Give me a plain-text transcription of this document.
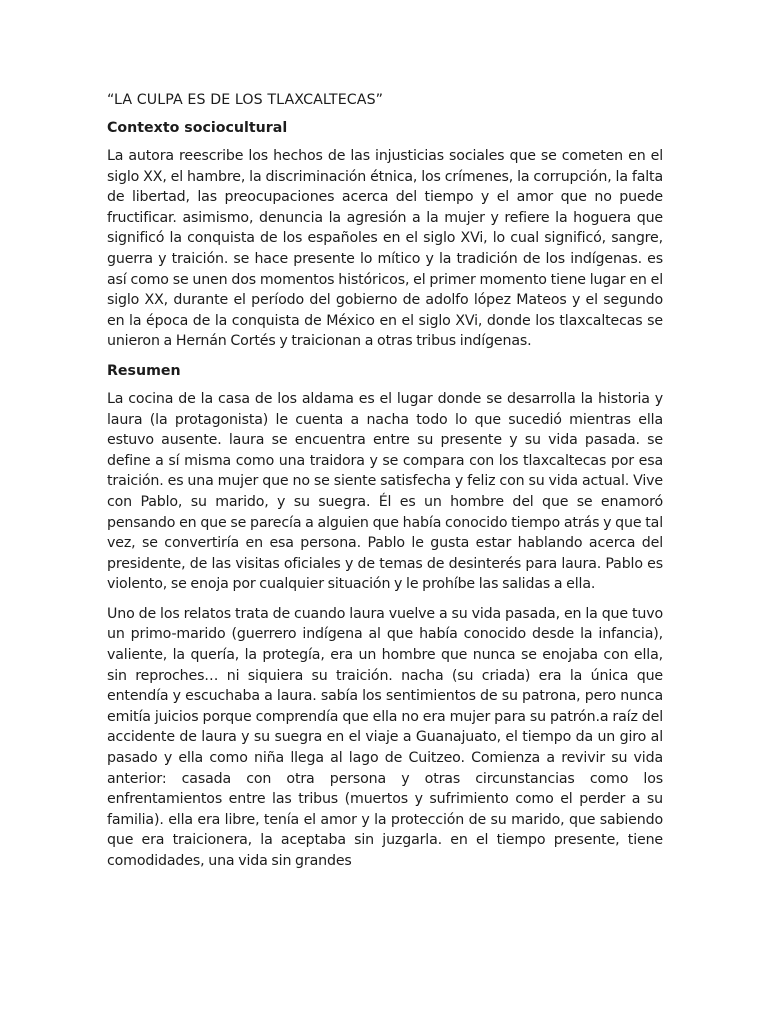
“LA CULPA ES DE LOS TLAXCALTECAS”

Contexto sociocultural

La autora reescribe los hechos de las injusticias sociales que se cometen en el siglo XX, el hambre, la discriminación étnica, los crímenes, la corrupción, la falta de libertad, las preocupaciones acerca del tiempo y el amor que no puede fructificar. asimismo, denuncia la agresión a la mujer y refiere la hoguera que significó la conquista de los españoles en el siglo XVi, lo cual significó, sangre, guerra y traición. se hace presente lo mítico y la tradición de los indígenas. es así como se unen dos momentos históricos, el primer momento tiene lugar en el siglo XX, durante el período del gobierno de adolfo lópez Mateos y el segundo en la época de la conquista de México en el siglo XVi, donde los tlaxcaltecas se unieron a Hernán Cortés y traicionan a otras tribus indígenas.

Resumen

La cocina de la casa de los aldama es el lugar donde se desarrolla la historia y laura (la protagonista) le cuenta a nacha todo lo que sucedió mientras ella estuvo ausente. laura se encuentra entre su presente y su vida pasada. se define a sí misma como una traidora y se compara con los tlaxcaltecas por esa traición. es una mujer que no se siente satisfecha y feliz con su vida actual. Vive con Pablo, su marido, y su suegra. Él es un hombre del que se enamoró pensando en que se parecía a alguien que había conocido tiempo atrás y que tal vez, se convertiría en esa persona. Pablo le gusta estar hablando acerca del presidente, de las visitas oficiales y de temas de desinterés para laura. Pablo es violento, se enoja por cualquier situación y le prohíbe las salidas a ella.

Uno de los relatos trata de cuando laura vuelve a su vida pasada, en la que tuvo un primo-marido (guerrero indígena al que había conocido desde la infancia), valiente, la quería, la protegía, era un hombre que nunca se enojaba con ella, sin reproches… ni siquiera su traición. nacha (su criada) era la única que entendía y escuchaba a laura. sabía los sentimientos de su patrona, pero nunca emitía juicios porque comprendía que ella no era mujer para su patrón.a raíz del accidente de laura y su suegra en el viaje a Guanajuato, el tiempo da un giro al pasado y ella como niña llega al lago de Cuitzeo. Comienza a revivir su vida anterior: casada con otra persona y otras circunstancias como los enfrentamientos entre las tribus (muertos y sufrimiento como el perder a su familia). ella era libre, tenía el amor y la protección de su marido, que sabiendo que era traicionera, la aceptaba sin juzgarla. en el tiempo presente, tiene comodidades, una vida sin grandes
